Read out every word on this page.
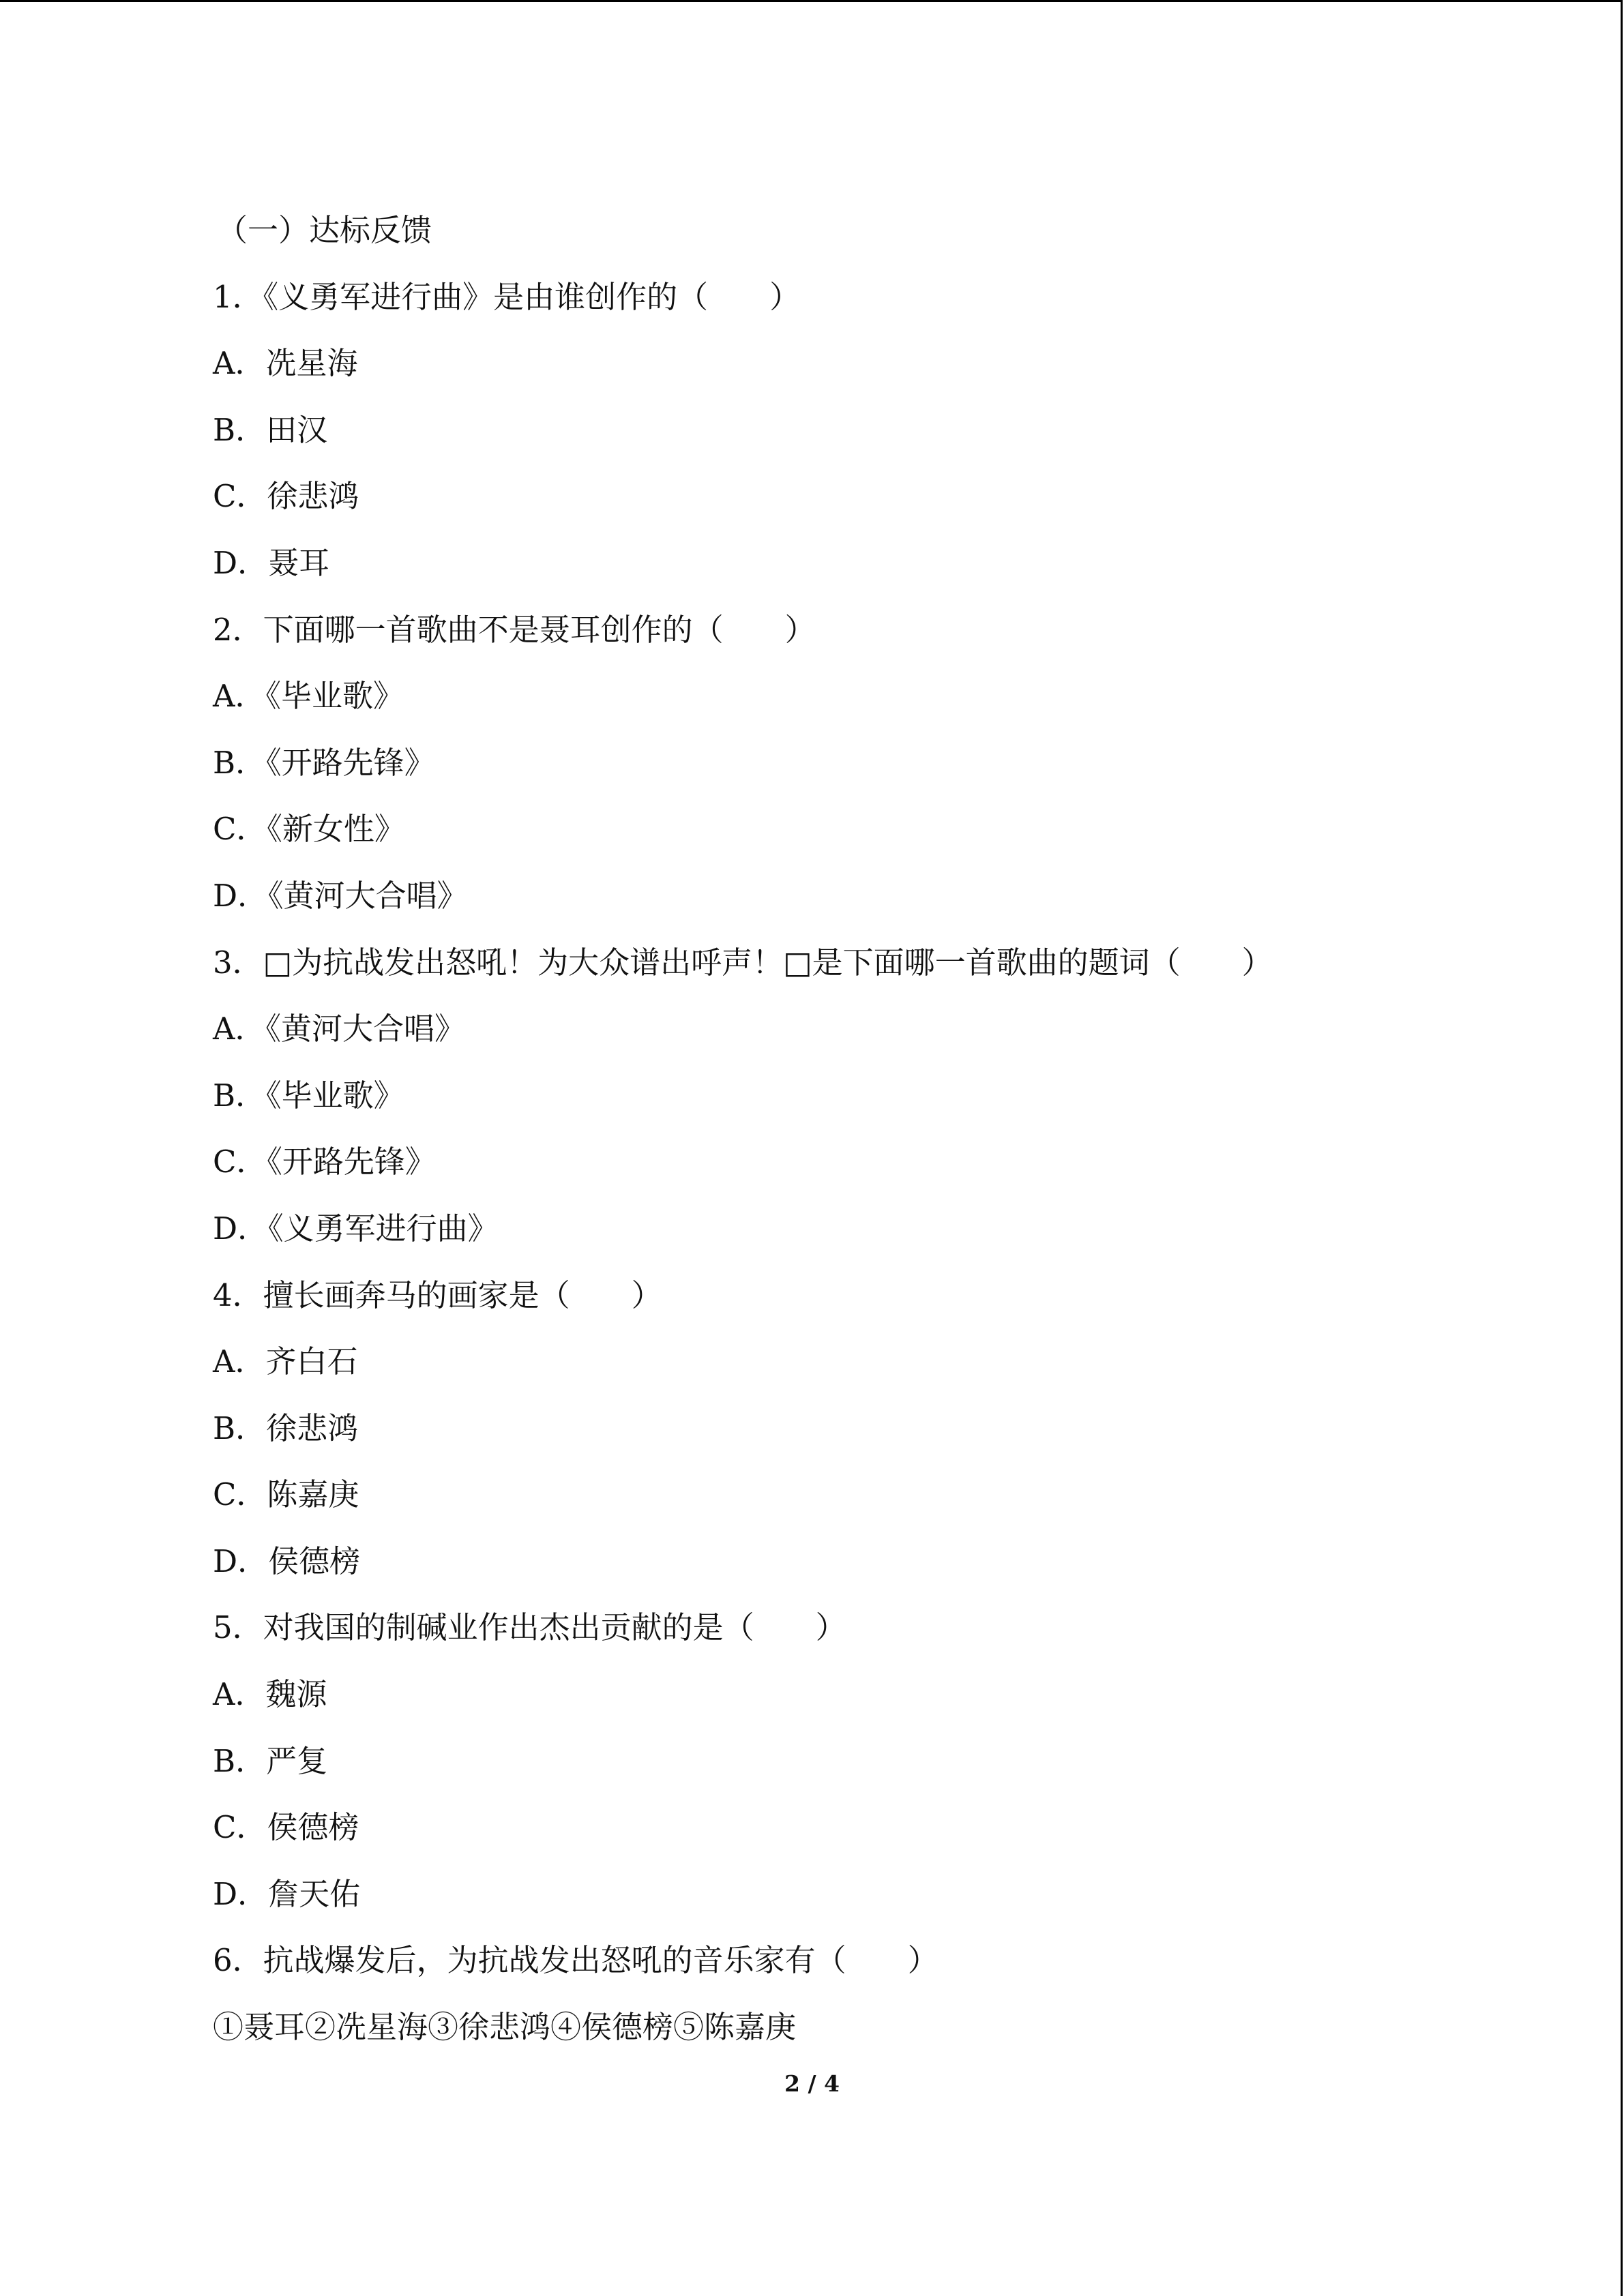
（一）达标反馈
1．《义勇军进行曲》是由谁创作的（　　）
A．冼星海
B．田汉
C．徐悲鸿
D．聂耳
2．下面哪一首歌曲不是聂耳创作的（　　）
A．《毕业歌》
B．《开路先锋》
C．《新女性》
D．《黄河大合唱》
3．□为抗战发出怒吼！为大众谱出呼声！□是下面哪一首歌曲的题词（　　）
A．《黄河大合唱》
B．《毕业歌》
C．《开路先锋》
D．《义勇军进行曲》
4．擅长画奔马的画家是（　　）
A．齐白石
B．徐悲鸿
C．陈嘉庚
D．侯德榜
5．对我国的制碱业作出杰出贡献的是（　　）
A．魏源
B．严复
C．侯德榜
D．詹天佑
6．抗战爆发后，为抗战发出怒吼的音乐家有（　　）
①聂耳②冼星海③徐悲鸿④侯德榜⑤陈嘉庚
2 / 4
